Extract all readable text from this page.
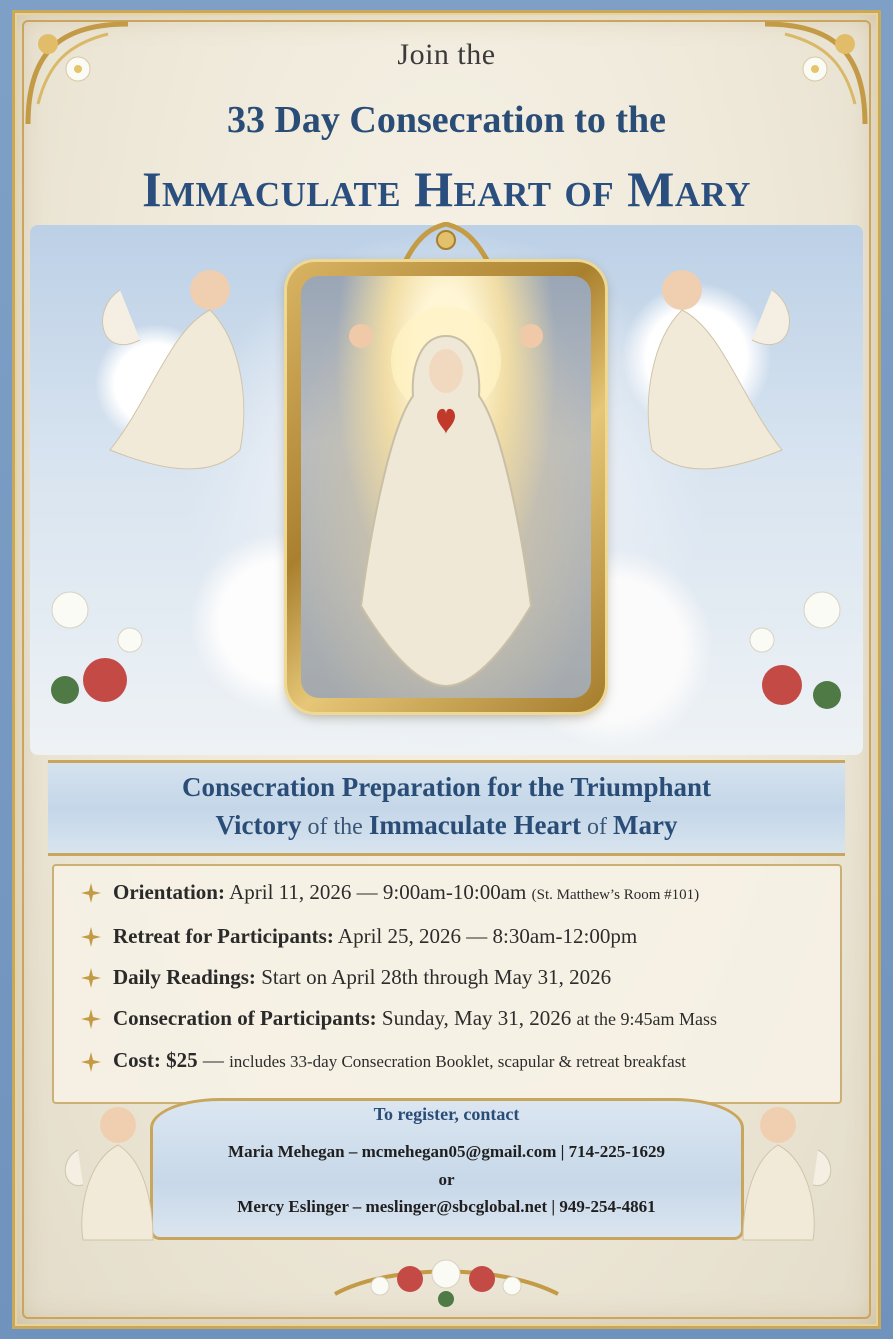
Join the
33 Day Consecration to the
Immaculate Heart of Mary
Consecration Preparation for the Triumphant
Victory of the Immaculate Heart of Mary
Orientation: April 11, 2026 — 9:00am-10:00am (St. Matthew’s Room #101)
Retreat for Participants: April 25, 2026 — 8:30am-12:00pm
Daily Readings: Start on April 28th through May 31, 2026
Consecration of Participants: Sunday, May 31, 2026 at the 9:45am Mass
Cost: $25 — includes 33-day Consecration Booklet, scapular & retreat breakfast
To register, contact
Maria Mehegan – mcmehegan05@gmail.com | 714-225-1629
or
Mercy Eslinger – meslinger@sbcglobal.net | 949-254-4861
